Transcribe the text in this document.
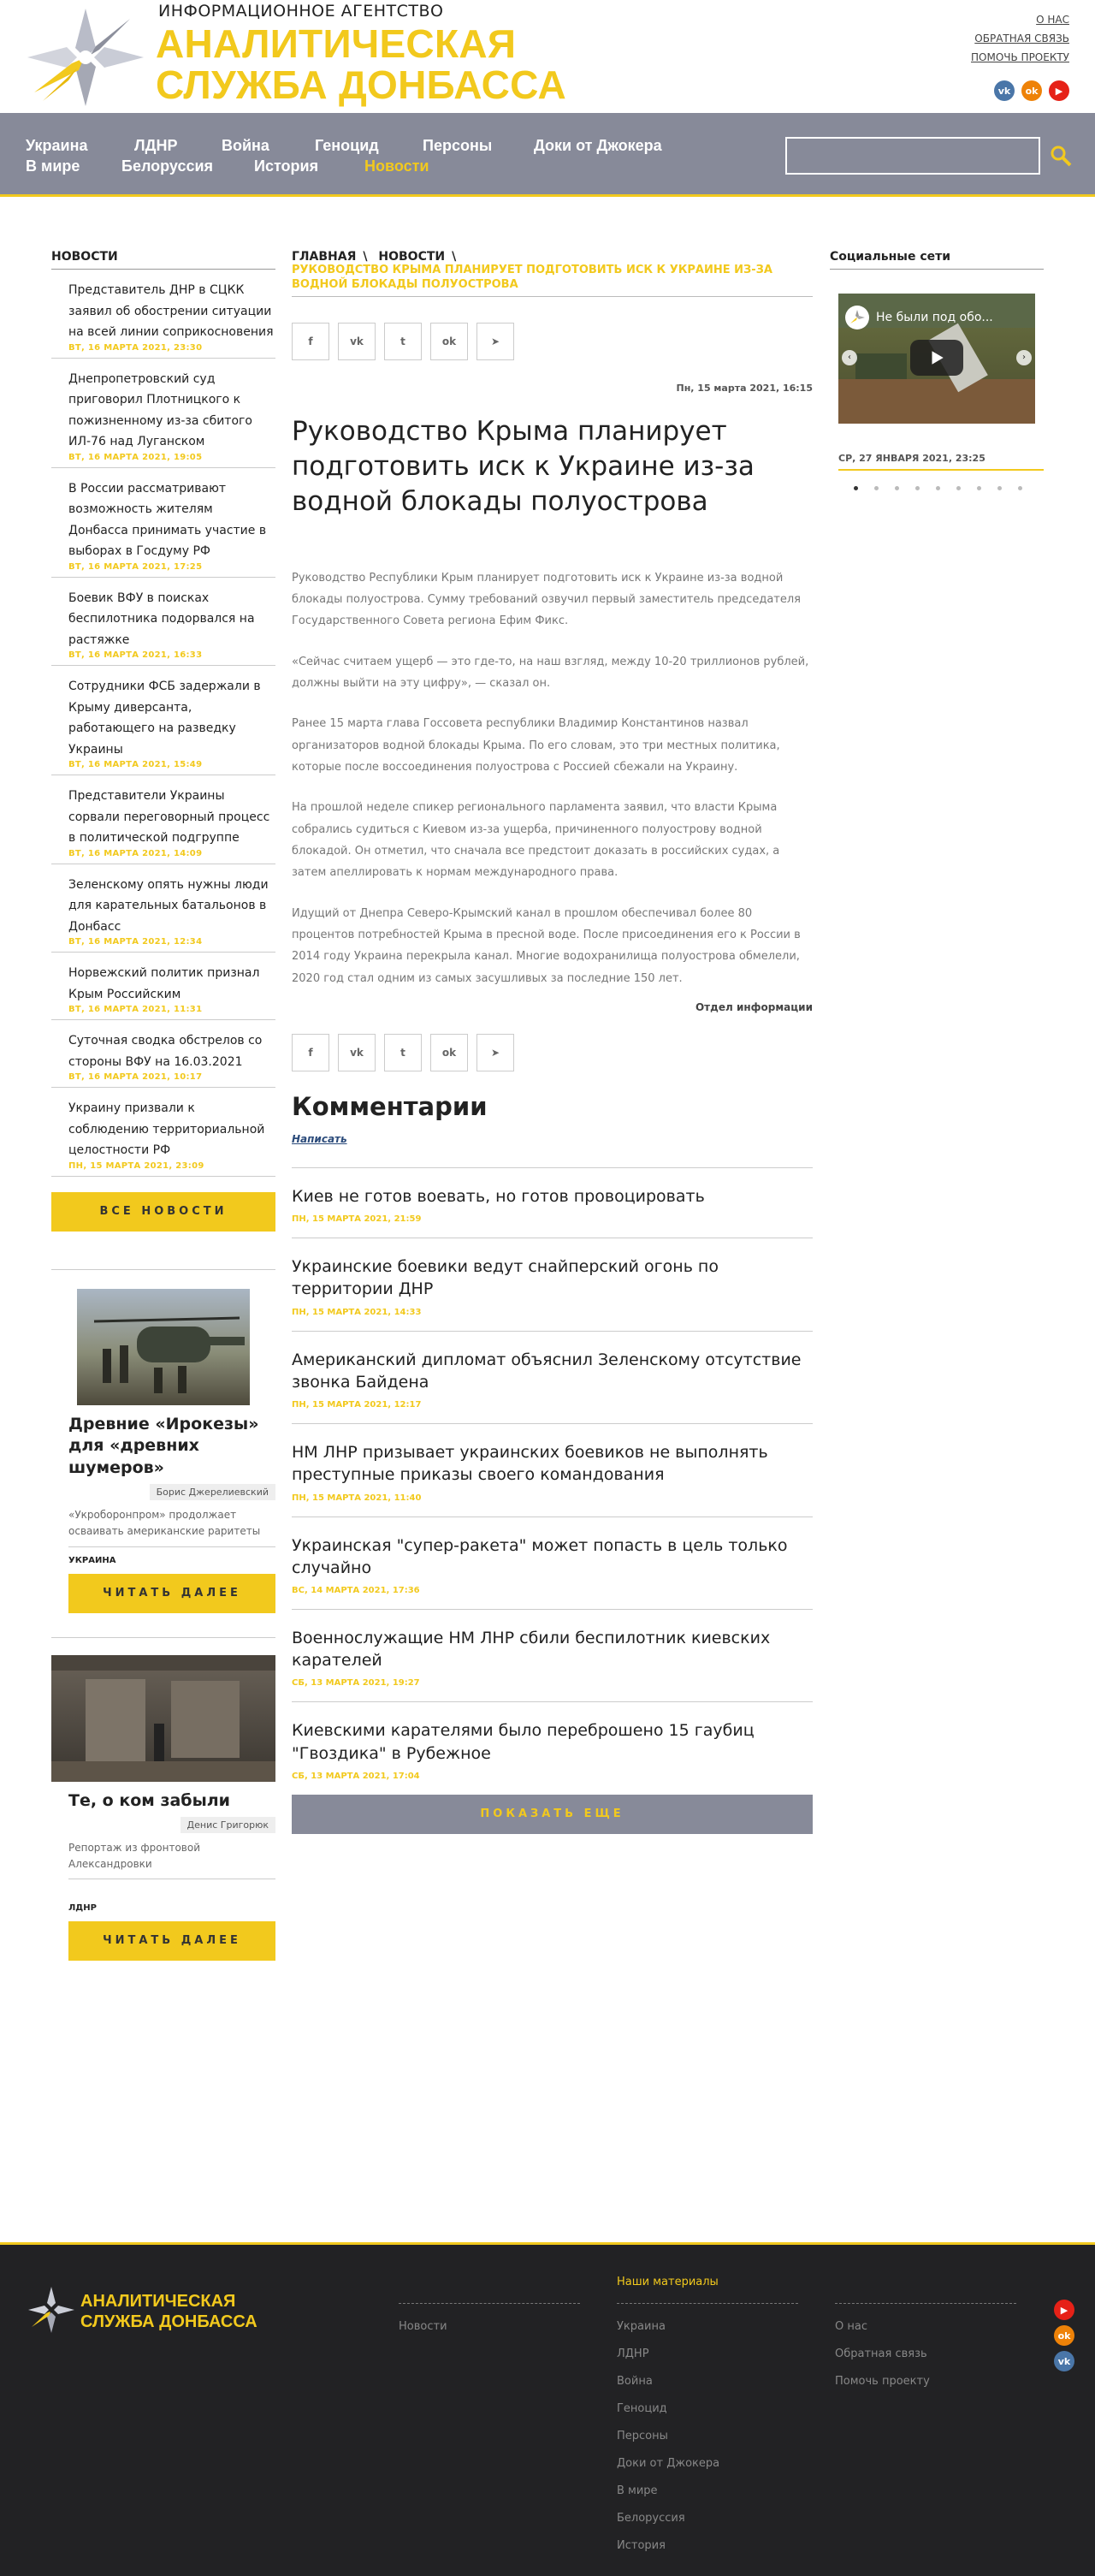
ИНФОРМАЦИОННОЕ АГЕНТСТВО
АНАЛИТИЧЕСКАЯ
СЛУЖБА ДОНБАССА
О НАС
ОБРАТНАЯ СВЯЗЬ
ПОМОЧЬ ПРОЕКТУ
vk	ok	▶
Украина	ЛДНР	Война	Геноцид	Персоны	Доки от Джокера
В мире	Белоруссия	История	Новости
НОВОСТИ
Представитель ДНР в СЦКК заявил об обострении ситуации на всей линии соприкосновения
ВТ, 16 МАРТА 2021, 23:30
Днепропетровский суд приговорил Плотницкого к пожизненному из-за сбитого ИЛ-76 над Луганском
ВТ, 16 МАРТА 2021, 19:05
В России рассматривают возможность жителям Донбасса принимать участие в выборах в Госдуму РФ
ВТ, 16 МАРТА 2021, 17:25
Боевик ВФУ в поисках беспилотника подорвался на растяжке
ВТ, 16 МАРТА 2021, 16:33
Сотрудники ФСБ задержали в Крыму диверсанта, работающего на разведку Украины
ВТ, 16 МАРТА 2021, 15:49
Представители Украины сорвали переговорный процесс в политической подгруппе
ВТ, 16 МАРТА 2021, 14:09
Зеленскому опять нужны люди для карательных батальонов в Донбасс
ВТ, 16 МАРТА 2021, 12:34
Норвежский политик признал Крым Российским
ВТ, 16 МАРТА 2021, 11:31
Суточная сводка обстрелов со стороны ВФУ на 16.03.2021
ВТ, 16 МАРТА 2021, 10:17
Украину призвали к соблюдению территориальной целостности РФ
ПН, 15 МАРТА 2021, 23:09
ВСЕ НОВОСТИ
Древние «Ирокезы» для «древних шумеров»
Борис Джерелиевский
«Укроборонпром» продолжает осваивать американские раритеты
УКРАИНА
ЧИТАТЬ ДАЛЕЕ
Те, о ком забыли
Денис Григорюк
Репортаж из фронтовой Александровки
ЛДНР
ЧИТАТЬ ДАЛЕЕ
ГЛАВНАЯ \ НОВОСТИ \
РУКОВОДСТВО КРЫМА ПЛАНИРУЕТ ПОДГОТОВИТЬ ИСК К УКРАИНЕ ИЗ-ЗА ВОДНОЙ БЛОКАДЫ ПОЛУОСТРОВА
f	vk	t	ok	➤
Пн, 15 марта 2021, 16:15
Руководство Крыма планирует подготовить иск к Украине из-за водной блокады полуострова
Руководство Республики Крым планирует подготовить иск к Украине из-за водной блокады полуострова. Сумму требований озвучил первый заместитель председателя Государственного Совета региона Ефим Фикс.
«Сейчас считаем ущерб — это где-то, на наш взгляд, между 10-20 триллионов рублей, должны выйти на эту цифру», — сказал он.
Ранее 15 марта глава Госсовета республики Владимир Константинов назвал организаторов водной блокады Крыма. По его словам, это три местных политика, которые после воссоединения полуострова с Россией сбежали на Украину.
На прошлой неделе спикер регионального парламента заявил, что власти Крыма собрались судиться с Киевом из-за ущерба, причиненного полуострову водной блокадой. Он отметил, что сначала все предстоит доказать в российских судах, а затем апеллировать к нормам международного права.
Идущий от Днепра Северо-Крымский канал в прошлом обеспечивал более 80 процентов потребностей Крыма в пресной воде. После присоединения его к России в 2014 году Украина перекрыла канал. Многие водохранилища полуострова обмелели, 2020 год стал одним из самых засушливых за последние 150 лет.
Отдел информации
f	vk	t	ok	➤
Комментарии
Написать
Киев не готов воевать, но готов провоцировать
ПН, 15 МАРТА 2021, 21:59
Украинские боевики ведут снайперский огонь по территории ДНР
ПН, 15 МАРТА 2021, 14:33
Американский дипломат объяснил Зеленскому отсутствие звонка Байдена
ПН, 15 МАРТА 2021, 12:17
НМ ЛНР призывает украинских боевиков не выполнять преступные приказы своего командования
ПН, 15 МАРТА 2021, 11:40
Украинская "супер-ракета" может попасть в цель только случайно
ВС, 14 МАРТА 2021, 17:36
Военнослужащие НМ ЛНР сбили беспилотник киевских карателей
СБ, 13 МАРТА 2021, 19:27
Киевскими карателями было переброшено 15 гаубиц "Гвоздика" в Рубежное
СБ, 13 МАРТА 2021, 17:04
ПОКАЗАТЬ ЕЩЕ
Социальные сети
Не были под обо...
‹	›
СР, 27 ЯНВАРЯ 2021, 23:25
АНАЛИТИЧЕСКАЯ
СЛУЖБА ДОНБАССА	Новости
Наши материалы
Украина
ЛДНР
Война
Геноцид
Персоны
Доки от Джокера
В мире
Белоруссия
История
О нас
Обратная связь
Помочь проекту
▶
ok
vk
